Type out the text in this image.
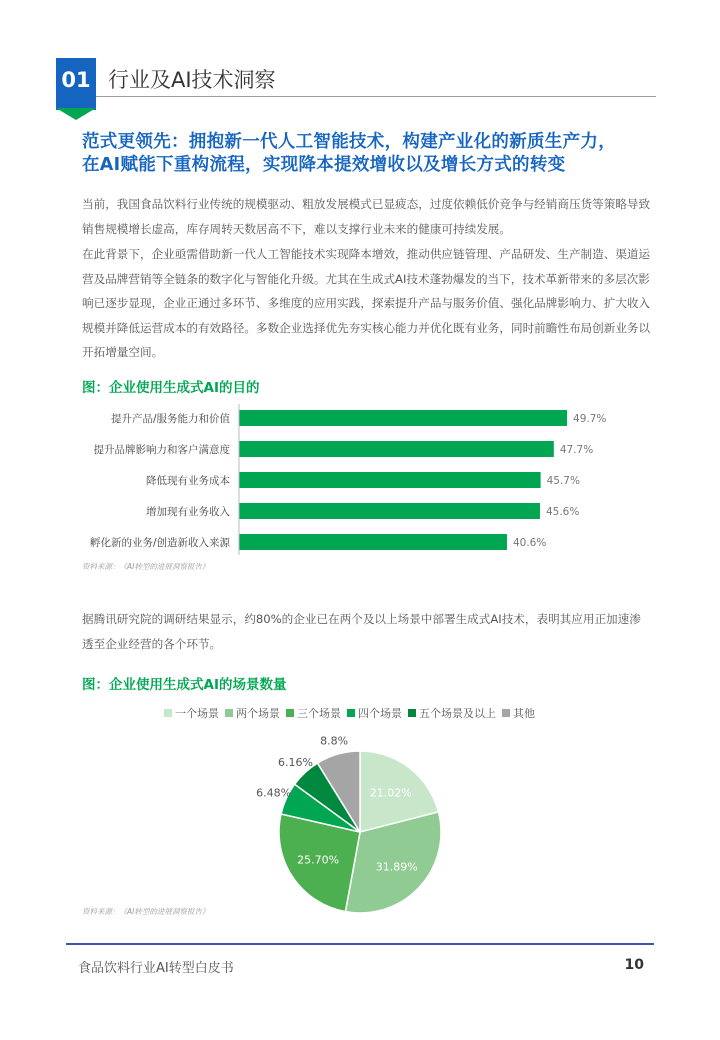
01 行业及AI技术洞察
范式更领先：拥抱新一代人工智能技术，构建产业化的新质生产力，
在AI赋能下重构流程，实现降本提效增收以及增长方式的转变
当前，我国食品饮料行业传统的规模驱动、粗放发展模式已显疲态，过度依赖低价竞争与经销商压货等策略导致销售规模增长虚高，库存周转天数居高不下，难以支撑行业未来的健康可持续发展。
在此背景下，企业亟需借助新一代人工智能技术实现降本增效，推动供应链管理、产品研发、生产制造、渠道运营及品牌营销等全链条的数字化与智能化升级。尤其在生成式AI技术蓬勃爆发的当下，技术革新带来的多层次影响已逐步显现，企业正通过多环节、多维度的应用实践，探索提升产品与服务价值、强化品牌影响力、扩大收入规模并降低运营成本的有效路径。多数企业选择优先夯实核心能力并优化既有业务，同时前瞻性布局创新业务以开拓增量空间。
图：企业使用生成式AI的目的
提升产品/服务能力和价值	49.7%
提升品牌影响力和客户满意度	47.7%
降低现有业务成本	45.7%
增加现有业务收入	45.6%
孵化新的业务/创造新收入来源	40.6%
资料来源：《AI转型的进展洞察报告》
据腾讯研究院的调研结果显示，约80%的企业已在两个及以上场景中部署生成式AI技术，表明其应用正加速渗透至企业经营的各个环节。
图：企业使用生成式AI的场景数量
一个场景 两个场景 三个场景 四个场景 五个场景及以上 其他
21.02%
31.89%
25.70%
6.48%
6.16%
8.8%
资料来源：《AI转型的进展洞察报告》
食品饮料行业AI转型白皮书	10
